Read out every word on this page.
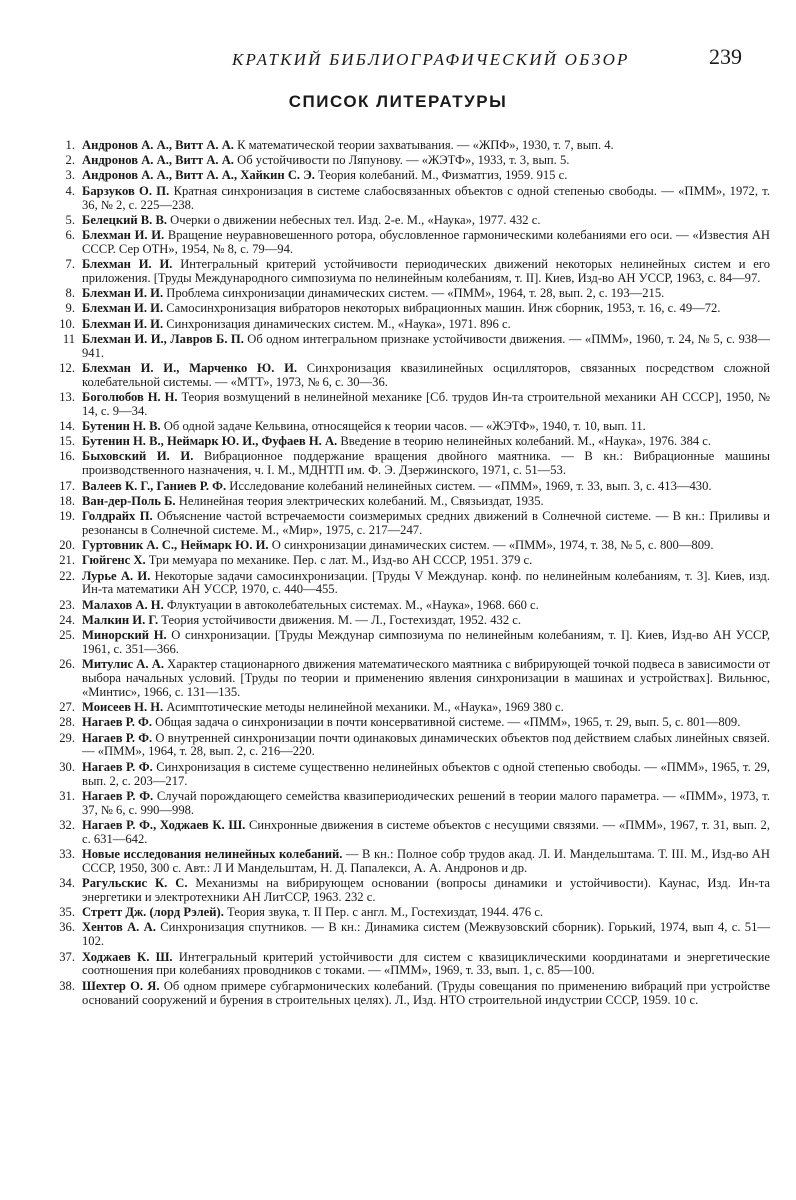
КРАТКИЙ БИБЛИОГРАФИЧЕСКИЙ ОБЗОР	239
СПИСОК ЛИТЕРАТУРЫ
1. Андронов А. А., Витт А. А. К математической теории захватывания. — «ЖПФ», 1930, т. 7, вып. 4.
2. Андронов А. А., Витт А. А. Об устойчивости по Ляпунову. — «ЖЭТФ», 1933, т. 3, вып. 5.
3. Андронов А. А., Витт А. А., Хайкин С. Э. Теория колебаний. М., Физматгиз, 1959. 915 с.
4. Барзуков О. П. Кратная синхронизация в системе слабосвязанных объектов с одной степенью свободы. — «ПММ», 1972, т. 36, № 2, с. 225—238.
5. Белецкий В. В. Очерки о движении небесных тел. Изд. 2-е. М., «Наука», 1977. 432 с.
6. Блехман И. И. Вращение неуравновешенного ротора, обусловленное гармоническими колебаниями его оси. — «Известия АН СССР. Сер ОТН», 1954, № 8, с. 79—94.
7. Блехман И. И. Интегральный критерий устойчивости периодических движений некоторых нелинейных систем и его приложения. [Труды Международного симпозиума по нелинейным колебаниям, т. II]. Киев, Изд-во АН УССР, 1963, с. 84—97.
8. Блехман И. И. Проблема синхронизации динамических систем. — «ПММ», 1964, т. 28, вып. 2, с. 193—215.
9. Блехман И. И. Самосинхронизация вибраторов некоторых вибрационных машин. Инж сборник, 1953, т. 16, с. 49—72.
10. Блехман И. И. Синхронизация динамических систем. М., «Наука», 1971. 896 с.
11 Блехман И. И., Лавров Б. П. Об одном интегральном признаке устойчивости движения. — «ПММ», 1960, т. 24, № 5, с. 938—941.
12. Блехман И. И., Марченко Ю. И. Синхронизация квазилинейных осцилляторов, связанных посредством сложной колебательной системы. — «МТТ», 1973, № 6, с. 30—36.
13. Боголюбов Н. Н. Теория возмущений в нелинейной механике [Сб. трудов Ин-та строительной механики АН СССР], 1950, № 14, с. 9—34.
14. Бутенин Н. В. Об одной задаче Кельвина, относящейся к теории часов. — «ЖЭТФ», 1940, т. 10, вып. 11.
15. Бутенин Н. В., Неймарк Ю. И., Фуфаев Н. А. Введение в теорию нелинейных колебаний. М., «Наука», 1976. 384 с.
16. Быховский И. И. Вибрационное поддержание вращения двойного маятника. — В кн.: Вибрационные машины производственного назначения, ч. I. М., МДНТП им. Ф. Э. Дзержинского, 1971, с. 51—53.
17. Валеев К. Г., Ганиев Р. Ф. Исследование колебаний нелинейных систем. — «ПММ», 1969, т. 33, вып. 3, с. 413—430.
18. Ван-дер-Поль Б. Нелинейная теория электрических колебаний. М., Связьиздат, 1935.
19. Голдрайх П. Объяснение частой встречаемости соизмеримых средних движений в Солнечной системе. — В кн.: Приливы и резонансы в Солнечной системе. М., «Мир», 1975, с. 217—247.
20. Гуртовник А. С., Неймарк Ю. И. О синхронизации динамических систем. — «ПММ», 1974, т. 38, № 5, с. 800—809.
21. Гюйгенс Х. Три мемуара по механике. Пер. с лат. М., Изд-во АН СССР, 1951. 379 с.
22. Лурье А. И. Некоторые задачи самосинхронизации. [Труды V Междунар. конф. по нелинейным колебаниям, т. 3]. Киев, изд. Ин-та математики АН УССР, 1970, с. 440—455.
23. Малахов А. Н. Флуктуации в автоколебательных системах. М., «Наука», 1968. 660 с.
24. Малкин И. Г. Теория устойчивости движения. М. — Л., Гостехиздат, 1952. 432 с.
25. Минорский Н. О синхронизации. [Труды Междунар симпозиума по нелинейным колебаниям, т. I]. Киев, Изд-во АН УССР, 1961, с. 351—366.
26. Митулис А. А. Характер стационарного движения математического маятника с вибрирующей точкой подвеса в зависимости от выбора начальных условий. [Труды по теории и применению явления синхронизации в машинах и устройствах]. Вильнюс, «Минтис», 1966, с. 131—135.
27. Моисеев Н. Н. Асимптотические методы нелинейной механики. М., «Наука», 1969 380 с.
28. Нагаев Р. Ф. Общая задача о синхронизации в почти консервативной системе. — «ПММ», 1965, т. 29, вып. 5, с. 801—809.
29. Нагаев Р. Ф. О внутренней синхронизации почти одинаковых динамических объектов под действием слабых линейных связей. — «ПММ», 1964, т. 28, вып. 2, с. 216—220.
30. Нагаев Р. Ф. Синхронизация в системе существенно нелинейных объектов с одной степенью свободы. — «ПММ», 1965, т. 29, вып. 2, с. 203—217.
31. Нагаев Р. Ф. Случай порождающего семейства квазипериодических решений в теории малого параметра. — «ПММ», 1973, т. 37, № 6, с. 990—998.
32. Нагаев Р. Ф., Ходжаев К. Ш. Синхронные движения в системе объектов с несущими связями. — «ПММ», 1967, т. 31, вып. 2, с. 631—642.
33. Новые исследования нелинейных колебаний. — В кн.: Полное собр трудов акад. Л. И. Мандельштама. Т. III. М., Изд-во АН СССР, 1950, 300 с. Авт.: Л И Мандельштам, Н. Д. Папалекси, А. А. Андронов и др.
34. Рагульскис К. С. Механизмы на вибрирующем основании (вопросы динамики и устойчивости). Каунас, Изд. Ин-та энергетики и электротехники АН ЛитССР, 1963. 232 с.
35. Стретт Дж. (лорд Рэлей). Теория звука, т. II Пер. с англ. М., Гостехиздат, 1944. 476 с.
36. Хентов А. А. Синхронизация спутников. — В кн.: Динамика систем (Межвузовский сборник). Горький, 1974, вып 4, с. 51—102.
37. Ходжаев К. Ш. Интегральный критерий устойчивости для систем с квазициклическими координатами и энергетические соотношения при колебаниях проводников с токами. — «ПММ», 1969, т. 33, вып. 1, с. 85—100.
38. Шехтер О. Я. Об одном примере субгармонических колебаний. (Труды совещания по применению вибраций при устройстве оснований сооружений и бурения в строительных целях). Л., Изд. НТО строительной индустрии СССР, 1959. 10 с.
